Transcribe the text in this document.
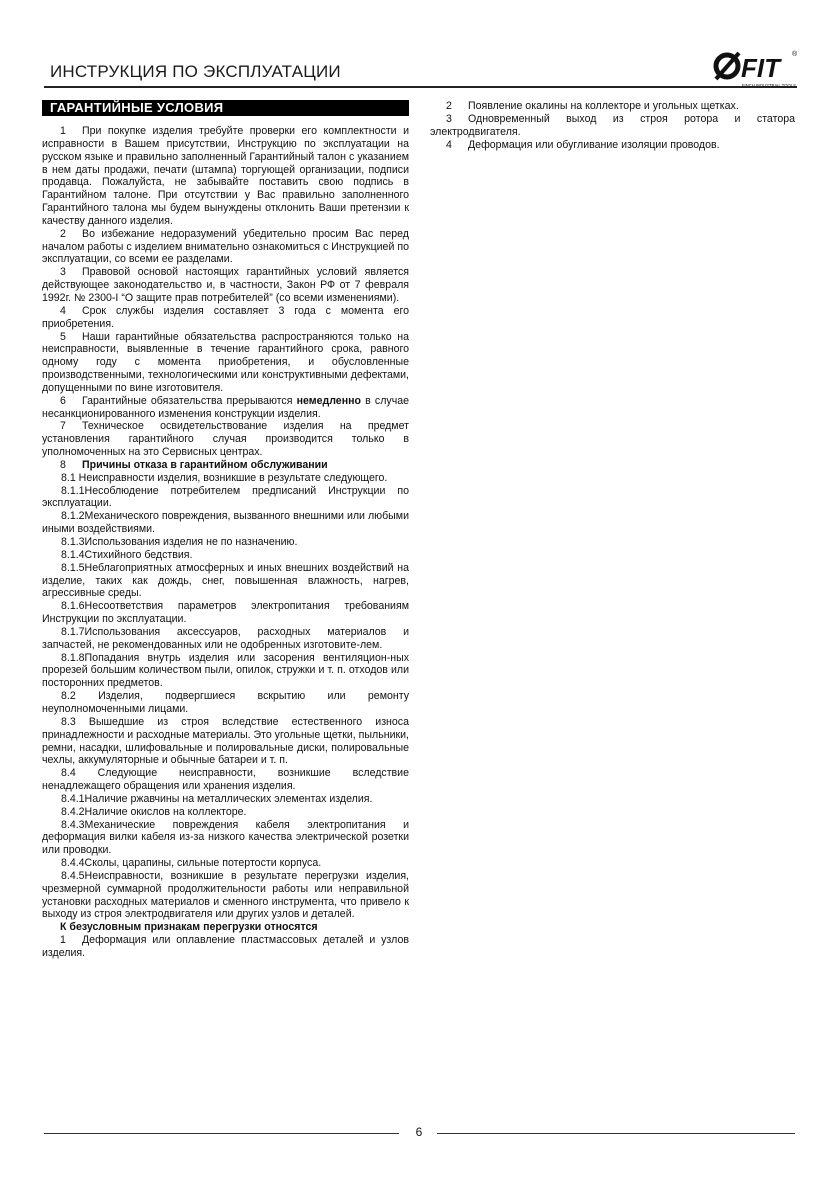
ИНСТРУКЦИЯ ПО ЭКСПЛУАТАЦИИ	FIT	®
ГАРАНТИЙНЫЕ УСЛОВИЯ

1 При покупке изделия требуйте проверки его комплектности и исправности в Вашем присутствии, Инструкцию по эксплуатации на русском языке и правильно заполненный Гарантийный талон с указанием в нем даты продажи, печати (штампа) торгующей организации, подписи продавца. Пожалуйста, не забывайте поставить свою подпись в Гарантийном талоне. При отсутствии у Вас правильно заполненного Гарантийного талона мы будем вынуждены отклонить Ваши претензии к качеству данного изделия.

2 Во избежание недоразумений убедительно просим Вас перед началом работы с изделием внимательно ознакомиться с Инструкцией по эксплуатации, со всеми ее разделами.

3 Правовой основой настоящих гарантийных условий является действующее законодательство и, в частности, Закон РФ от 7 февраля 1992г. № 2300-I “О защите прав потребителей” (со всеми изменениями).

4 Срок службы изделия составляет 3 года с момента его приобретения.

5 Наши гарантийные обязательства распространяются только на неисправности, выявленные в течение гарантийного срока, равного одному году с момента приобретения, и обусловленные производственными, технологическими или конструктивными дефектами, допущенными по вине изготовителя.

6 Гарантийные обязательства прерываются немедленно в случае несанкционированного изменения конструкции изделия.

7 Техническое освидетельствование изделия на предмет установления гарантийного случая производится только в уполномоченных на это Сервисных центрах.

8 Причины отказа в гарантийном обслуживании

8.1 Неисправности изделия, возникшие в результате следующего.

8.1.1Несоблюдение потребителем предписаний Инструкции по эксплуатации.

8.1.2Механического повреждения, вызванного внешними или любыми иными воздействиями.

8.1.3Использования изделия не по назначению.

8.1.4Стихийного бедствия.

8.1.5Неблагоприятных атмосферных и иных внешних воздействий на изделие, таких как дождь, снег, повышенная влажность, нагрев, агрессивные среды.

8.1.6Несоответствия параметров электропитания требованиям Инструкции по эксплуатации.

8.1.7Использования аксессуаров, расходных материалов и запчастей, не рекомендованных или не одобренных изготовите-лем.

8.1.8Попадания внутрь изделия или засорения вентиляцион-ных прорезей большим количеством пыли, опилок, стружки и т. п. отходов или посторонних предметов.

8.2 Изделия, подвергшиеся вскрытию или ремонту неуполномоченными лицами.

8.3 Вышедшие из строя вследствие естественного износа принадлежности и расходные материалы. Это угольные щетки, пыльники, ремни, насадки, шлифовальные и полировальные диски, полировальные чехлы, аккумуляторные и обычные батареи и т. п.

8.4 Следующие неисправности, возникшие вследствие ненадлежащего обращения или хранения изделия.

8.4.1Наличие ржавчины на металлических элементах изделия.

8.4.2Наличие окислов на коллекторе.

8.4.3Механические повреждения кабеля электропитания и деформация вилки кабеля из-за низкого качества электрической розетки или проводки.

8.4.4Сколы, царапины, сильные потертости корпуса.

8.4.5Неисправности, возникшие в результате перегрузки изделия, чрезмерной суммарной продолжительности работы или неправильной установки расходных материалов и сменного инструмента, что привело к выходу из строя электродвигателя или других узлов и деталей.

К безусловным признакам перегрузки относятся

1 Деформация или оплавление пластмассовых деталей и узлов изделия.

2 Появление окалины на коллекторе и угольных щетках.

3 Одновременный выход из строя ротора и статора электродвигателя.

4 Деформация или обугливание изоляции проводов.

6
